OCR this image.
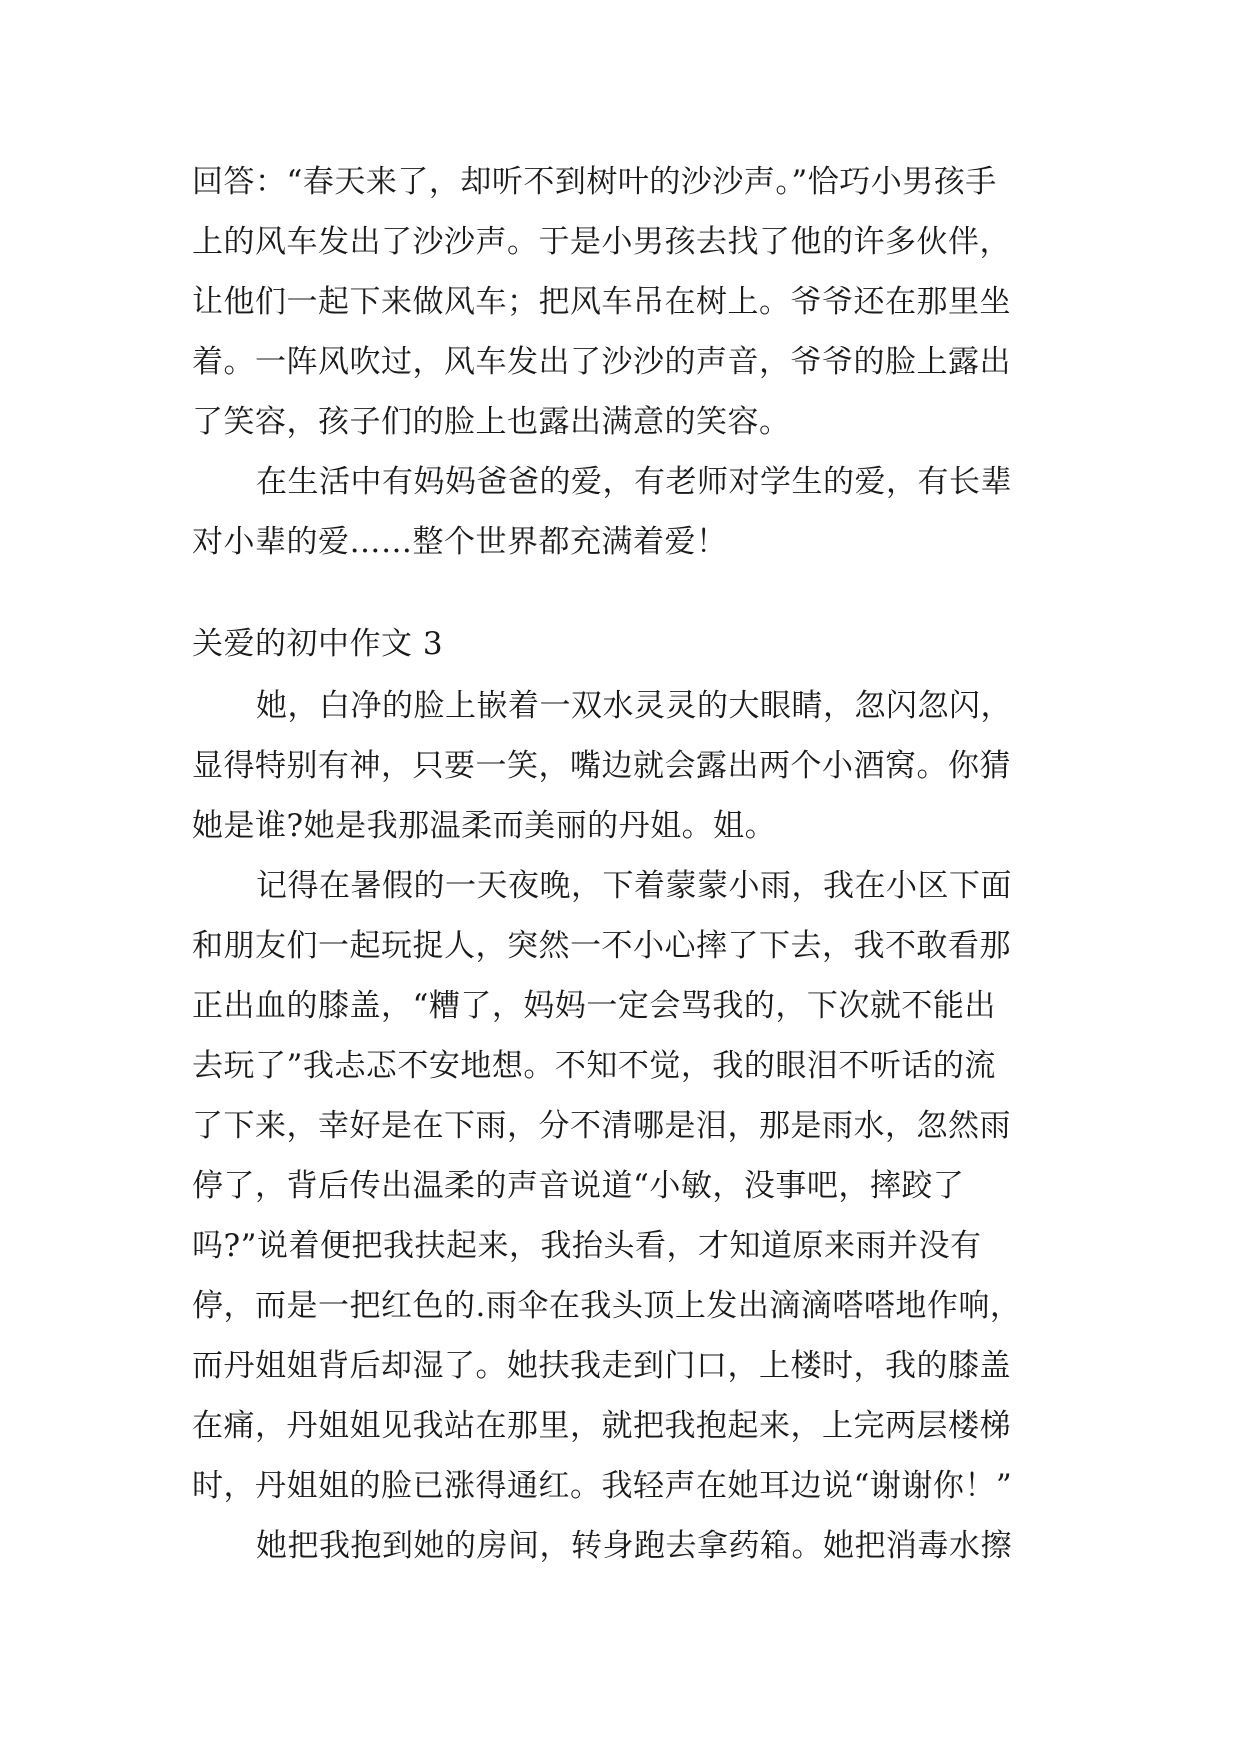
回答：“春天来了，却听不到树叶的沙沙声。”恰巧小男孩手
上的风车发出了沙沙声。于是小男孩去找了他的许多伙伴，
让他们一起下来做风车；把风车吊在树上。爷爷还在那里坐
着。一阵风吹过，风车发出了沙沙的声音，爷爷的脸上露出
了笑容，孩子们的脸上也露出满意的笑容。
在生活中有妈妈爸爸的爱，有老师对学生的爱，有长辈
对小辈的爱……整个世界都充满着爱！
关爱的初中作文 3
她，白净的脸上嵌着一双水灵灵的大眼睛，忽闪忽闪，
显得特别有神，只要一笑，嘴边就会露出两个小酒窝。你猜
她是谁?她是我那温柔而美丽的丹姐。姐。
记得在暑假的一天夜晚，下着蒙蒙小雨，我在小区下面
和朋友们一起玩捉人，突然一不小心摔了下去，我不敢看那
正出血的膝盖，“糟了，妈妈一定会骂我的，下次就不能出
去玩了”我忐忑不安地想。不知不觉，我的眼泪不听话的流
了下来，幸好是在下雨，分不清哪是泪，那是雨水，忽然雨
停了，背后传出温柔的声音说道“小敏，没事吧，摔跤了
吗?”说着便把我扶起来，我抬头看，才知道原来雨并没有
停，而是一把红色的.雨伞在我头顶上发出滴滴嗒嗒地作响，
而丹姐姐背后却湿了。她扶我走到门口，上楼时，我的膝盖
在痛，丹姐姐见我站在那里，就把我抱起来，上完两层楼梯
时，丹姐姐的脸已涨得通红。我轻声在她耳边说“谢谢你！”
她把我抱到她的房间，转身跑去拿药箱。她把消毒水擦
